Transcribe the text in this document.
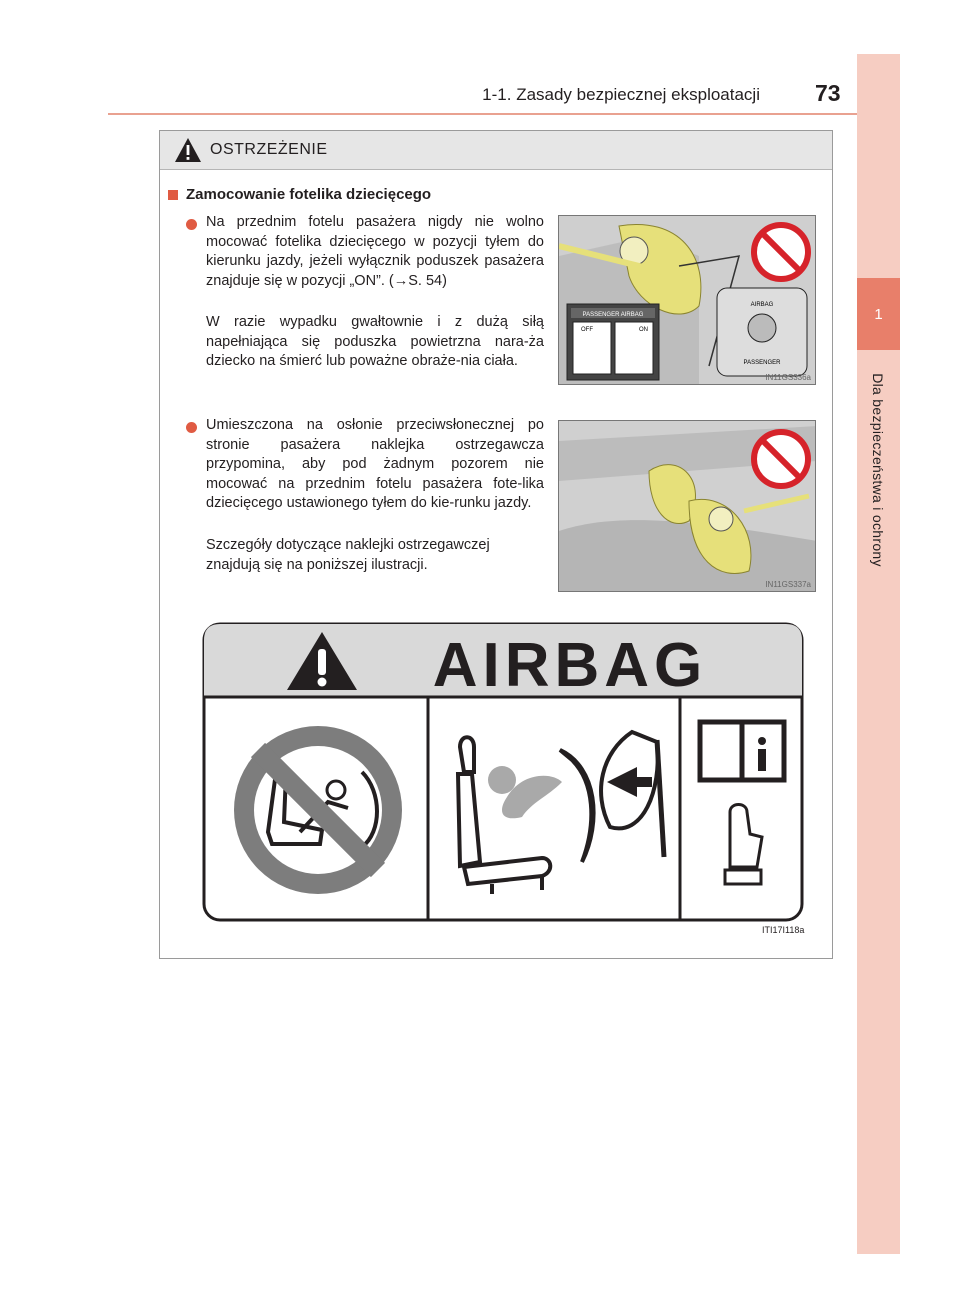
1
Dla bezpieczeństwa i ochrony
1-1. Zasady bezpiecznej eksploatacji 73
OSTRZEŻENIE
Zamocowanie fotelika dziecięcego
Na przednim fotelu pasażera nigdy nie wolno mocować fotelika dziecięcego w pozycji tyłem do kierunku jazdy, jeżeli wyłącznik poduszek pasażera znajduje się w pozycji „ON”. (→S. 54)
W razie wypadku gwałtownie i z dużą siłą napełniająca się poduszka powietrzna nara-ża dziecko na śmierć lub poważne obraże-nia ciała.
Umieszczona na osłonie przeciwsłonecznej po stronie pasażera naklejka ostrzegawcza przypomina, aby pod żadnym pozorem nie mocować na przednim fotelu pasażera fote-lika dziecięcego ustawionego tyłem do kie-runku jazdy.
Szczegóły dotyczące naklejki ostrzegawczej znajdują się na poniższej ilustracji.
PASSENGER AIRBAG
OFF	ON
AIRBAG
PASSENGER
IN11GS336a
IN11GS337a
AIRBAG
ITI17I118a
